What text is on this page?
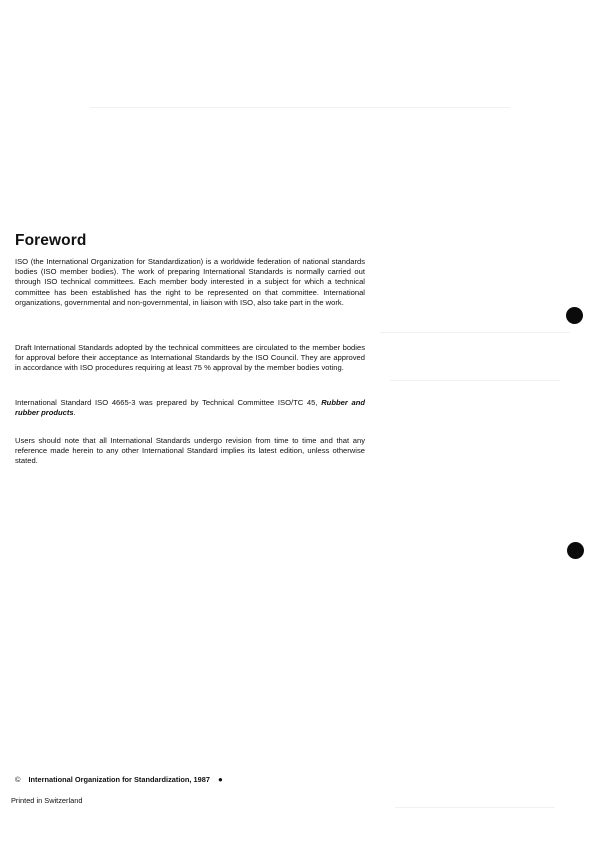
Foreword

ISO (the International Organization for Standardization) is a worldwide federation of national standards bodies (ISO member bodies). The work of preparing International Standards is normally carried out through ISO technical committees. Each member body interested in a subject for which a technical committee has been established has the right to be represented on that committee. International organizations, governmental and non-governmental, in liaison with ISO, also take part in the work.

Draft International Standards adopted by the technical committees are circulated to the member bodies for approval before their acceptance as International Standards by the ISO Council. They are approved in accordance with ISO procedures requiring at least 75 % approval by the member bodies voting.

International Standard ISO 4665-3 was prepared by Technical Committee ISO/TC 45, Rubber and rubber products.

Users should note that all International Standards undergo revision from time to time and that any reference made herein to any other International Standard implies its latest edition, unless otherwise stated.

© International Organization for Standardization, 1987 ●

Printed in Switzerland
